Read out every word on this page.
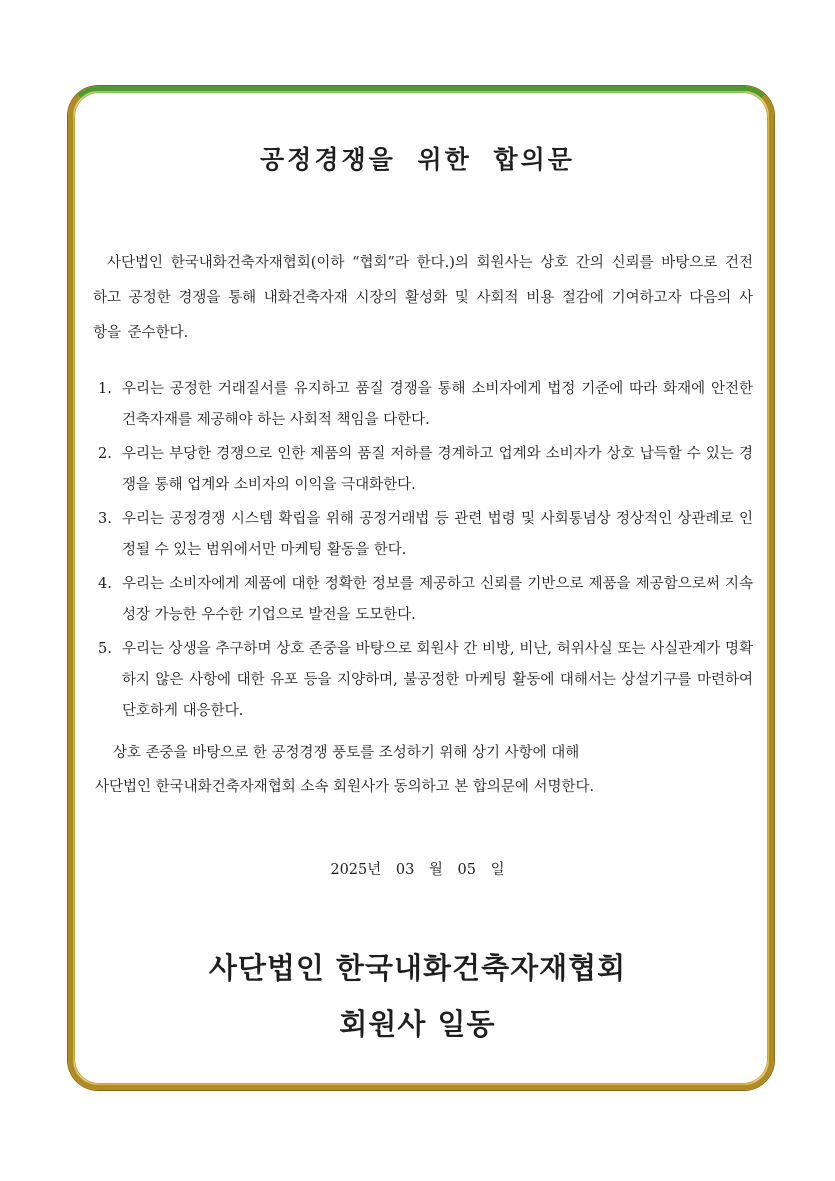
공정경쟁을 위한 합의문

사단법인 한국내화건축자재협회(이하 “협회”라 한다.)의 회원사는 상호 간의 신뢰를 바탕으로 건전하고 공정한 경쟁을 통해 내화건축자재 시장의 활성화 및 사회적 비용 절감에 기여하고자 다음의 사항을 준수한다.

1. 우리는 공정한 거래질서를 유지하고 품질 경쟁을 통해 소비자에게 법정 기준에 따라 화재에 안전한 건축자재를 제공해야 하는 사회적 책임을 다한다.
2. 우리는 부당한 경쟁으로 인한 제품의 품질 저하를 경계하고 업계와 소비자가 상호 납득할 수 있는 경쟁을 통해 업계와 소비자의 이익을 극대화한다.
3. 우리는 공정경쟁 시스템 확립을 위해 공정거래법 등 관련 법령 및 사회통념상 정상적인 상관례로 인정될 수 있는 범위에서만 마케팅 활동을 한다.
4. 우리는 소비자에게 제품에 대한 정확한 정보를 제공하고 신뢰를 기반으로 제품을 제공함으로써 지속성장 가능한 우수한 기업으로 발전을 도모한다.
5. 우리는 상생을 추구하며 상호 존중을 바탕으로 회원사 간 비방, 비난, 허위사실 또는 사실관계가 명확하지 않은 사항에 대한 유포 등을 지양하며, 불공정한 마케팅 활동에 대해서는 상설기구를 마련하여 단호하게 대응한다.
상호 존중을 바탕으로 한 공정경쟁 풍토를 조성하기 위해 상기 사항에 대해
사단법인 한국내화건축자재협회 소속 회원사가 동의하고 본 합의문에 서명한다.

2025년 03 월 05 일

사단법인 한국내화건축자재협회

회원사 일동
